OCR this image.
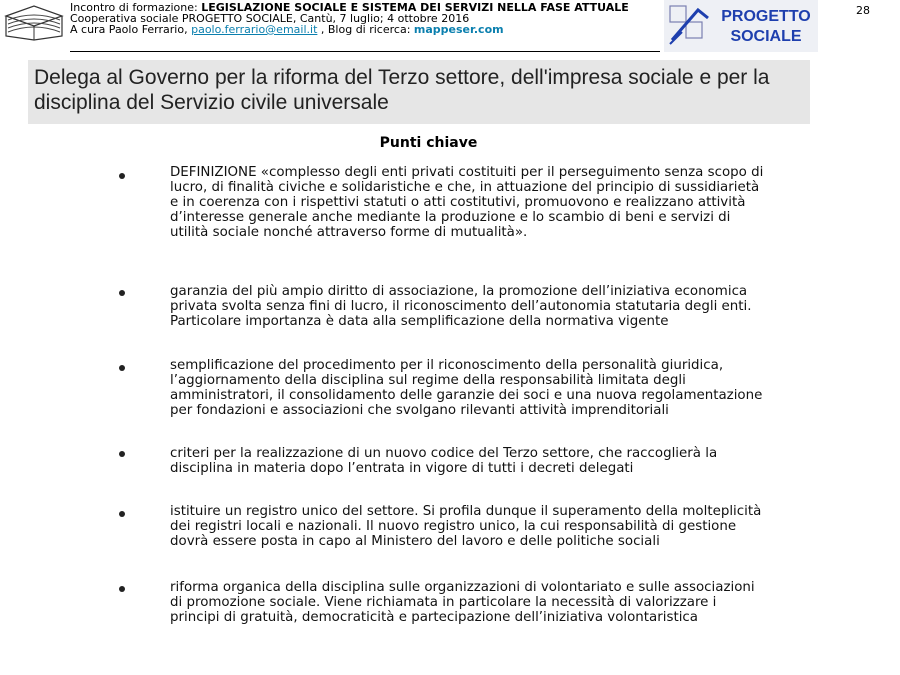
Incontro di formazione: LEGISLAZIONE SOCIALE E SISTEMA DEI SERVIZI NELLA FASE ATTUALE
Cooperativa sociale PROGETTO SOCIALE, Cantù, 7 luglio; 4 ottobre 2016
A cura Paolo Ferrario, paolo.ferrario@email.it , Blog di ricerca: mappeser.com
PROGETTO
SOCIALE
28
Delega al Governo per la riforma del Terzo settore, dell'impresa sociale e per la disciplina del Servizio civile universale
Punti chiave
DEFINIZIONE «complesso degli enti privati costituiti per il perseguimento senza scopo di lucro, di finalità civiche e solidaristiche e che, in attuazione del principio di sussidiarietà e in coerenza con i rispettivi statuti o atti costitutivi, promuovono e realizzano attività d’interesse generale anche mediante la produzione e lo scambio di beni e servizi di utilità sociale nonché attraverso forme di mutualità».
garanzia del più ampio diritto di associazione, la promozione dell’iniziativa economica privata svolta senza fini di lucro, il riconoscimento dell’autonomia statutaria degli enti. Particolare importanza è data alla semplificazione della normativa vigente
semplificazione del procedimento per il riconoscimento della personalità giuridica, l’aggiornamento della disciplina sul regime della responsabilità limitata degli amministratori, il consolidamento delle garanzie dei soci e una nuova regolamentazione per fondazioni e associazioni che svolgano rilevanti attività imprenditoriali
criteri per la realizzazione di un nuovo codice del Terzo settore, che raccoglierà la disciplina in materia dopo l’entrata in vigore di tutti i decreti delegati
istituire un registro unico del settore. Si profila dunque il superamento della molteplicità dei registri locali e nazionali. Il nuovo registro unico, la cui responsabilità di gestione dovrà essere posta in capo al Ministero del lavoro e delle politiche sociali
riforma organica della disciplina sulle organizzazioni di volontariato e sulle associazioni di promozione sociale. Viene richiamata in particolare la necessità di valorizzare i principi di gratuità, democraticità e partecipazione dell’iniziativa volontaristica
